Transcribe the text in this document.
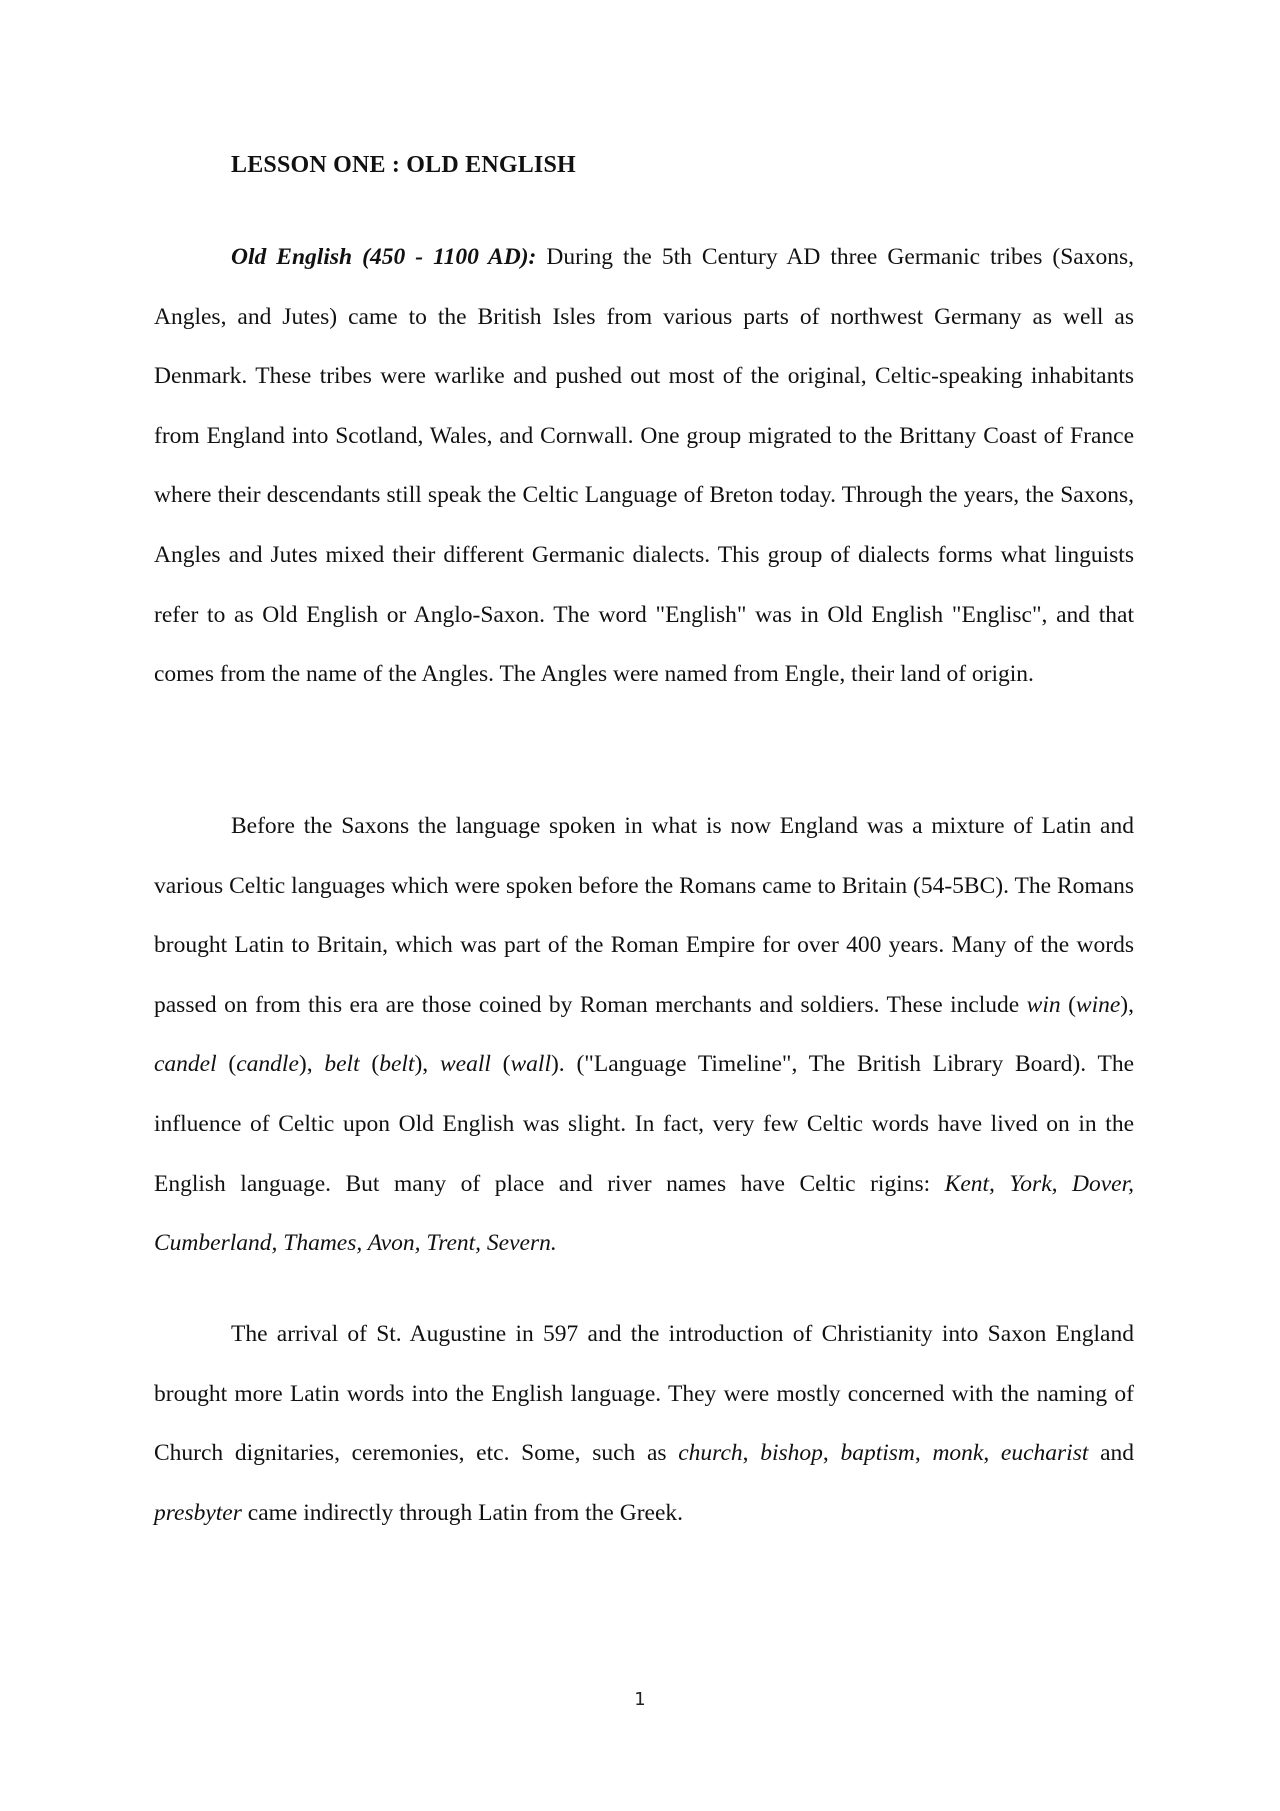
LESSON ONE : OLD ENGLISH

Old English (450 - 1100 AD): During the 5th Century AD three Germanic tribes (Saxons, Angles, and Jutes) came to the British Isles from various parts of northwest Germany as well as Denmark. These tribes were warlike and pushed out most of the original, Celtic-speaking inhabitants from England into Scotland, Wales, and Cornwall. One group migrated to the Brittany Coast of France where their descendants still speak the Celtic Language of Breton today. Through the years, the Saxons, Angles and Jutes mixed their different Germanic dialects. This group of dialects forms what linguists refer to as Old English or Anglo-Saxon. The word "English" was in Old English "Englisc", and that comes from the name of the Angles. The Angles were named from Engle, their land of origin.

Before the Saxons the language spoken in what is now England was a mixture of Latin and various Celtic languages which were spoken before the Romans came to Britain (54-5BC). The Romans brought Latin to Britain, which was part of the Roman Empire for over 400 years. Many of the words passed on from this era are those coined by Roman merchants and soldiers. These include win (wine), candel (candle), belt (belt), weall (wall). ("Language Timeline", The British Library Board). The influence of Celtic upon Old English was slight. In fact, very few Celtic words have lived on in the English language. But many of place and river names have Celtic rigins: Kent, York, Dover, Cumberland, Thames, Avon, Trent, Severn.

The arrival of St. Augustine in 597 and the introduction of Christianity into Saxon England brought more Latin words into the English language. They were mostly concerned with the naming of Church dignitaries, ceremonies, etc. Some, such as church, bishop, baptism, monk, eucharist and presbyter came indirectly through Latin from the Greek.

1
